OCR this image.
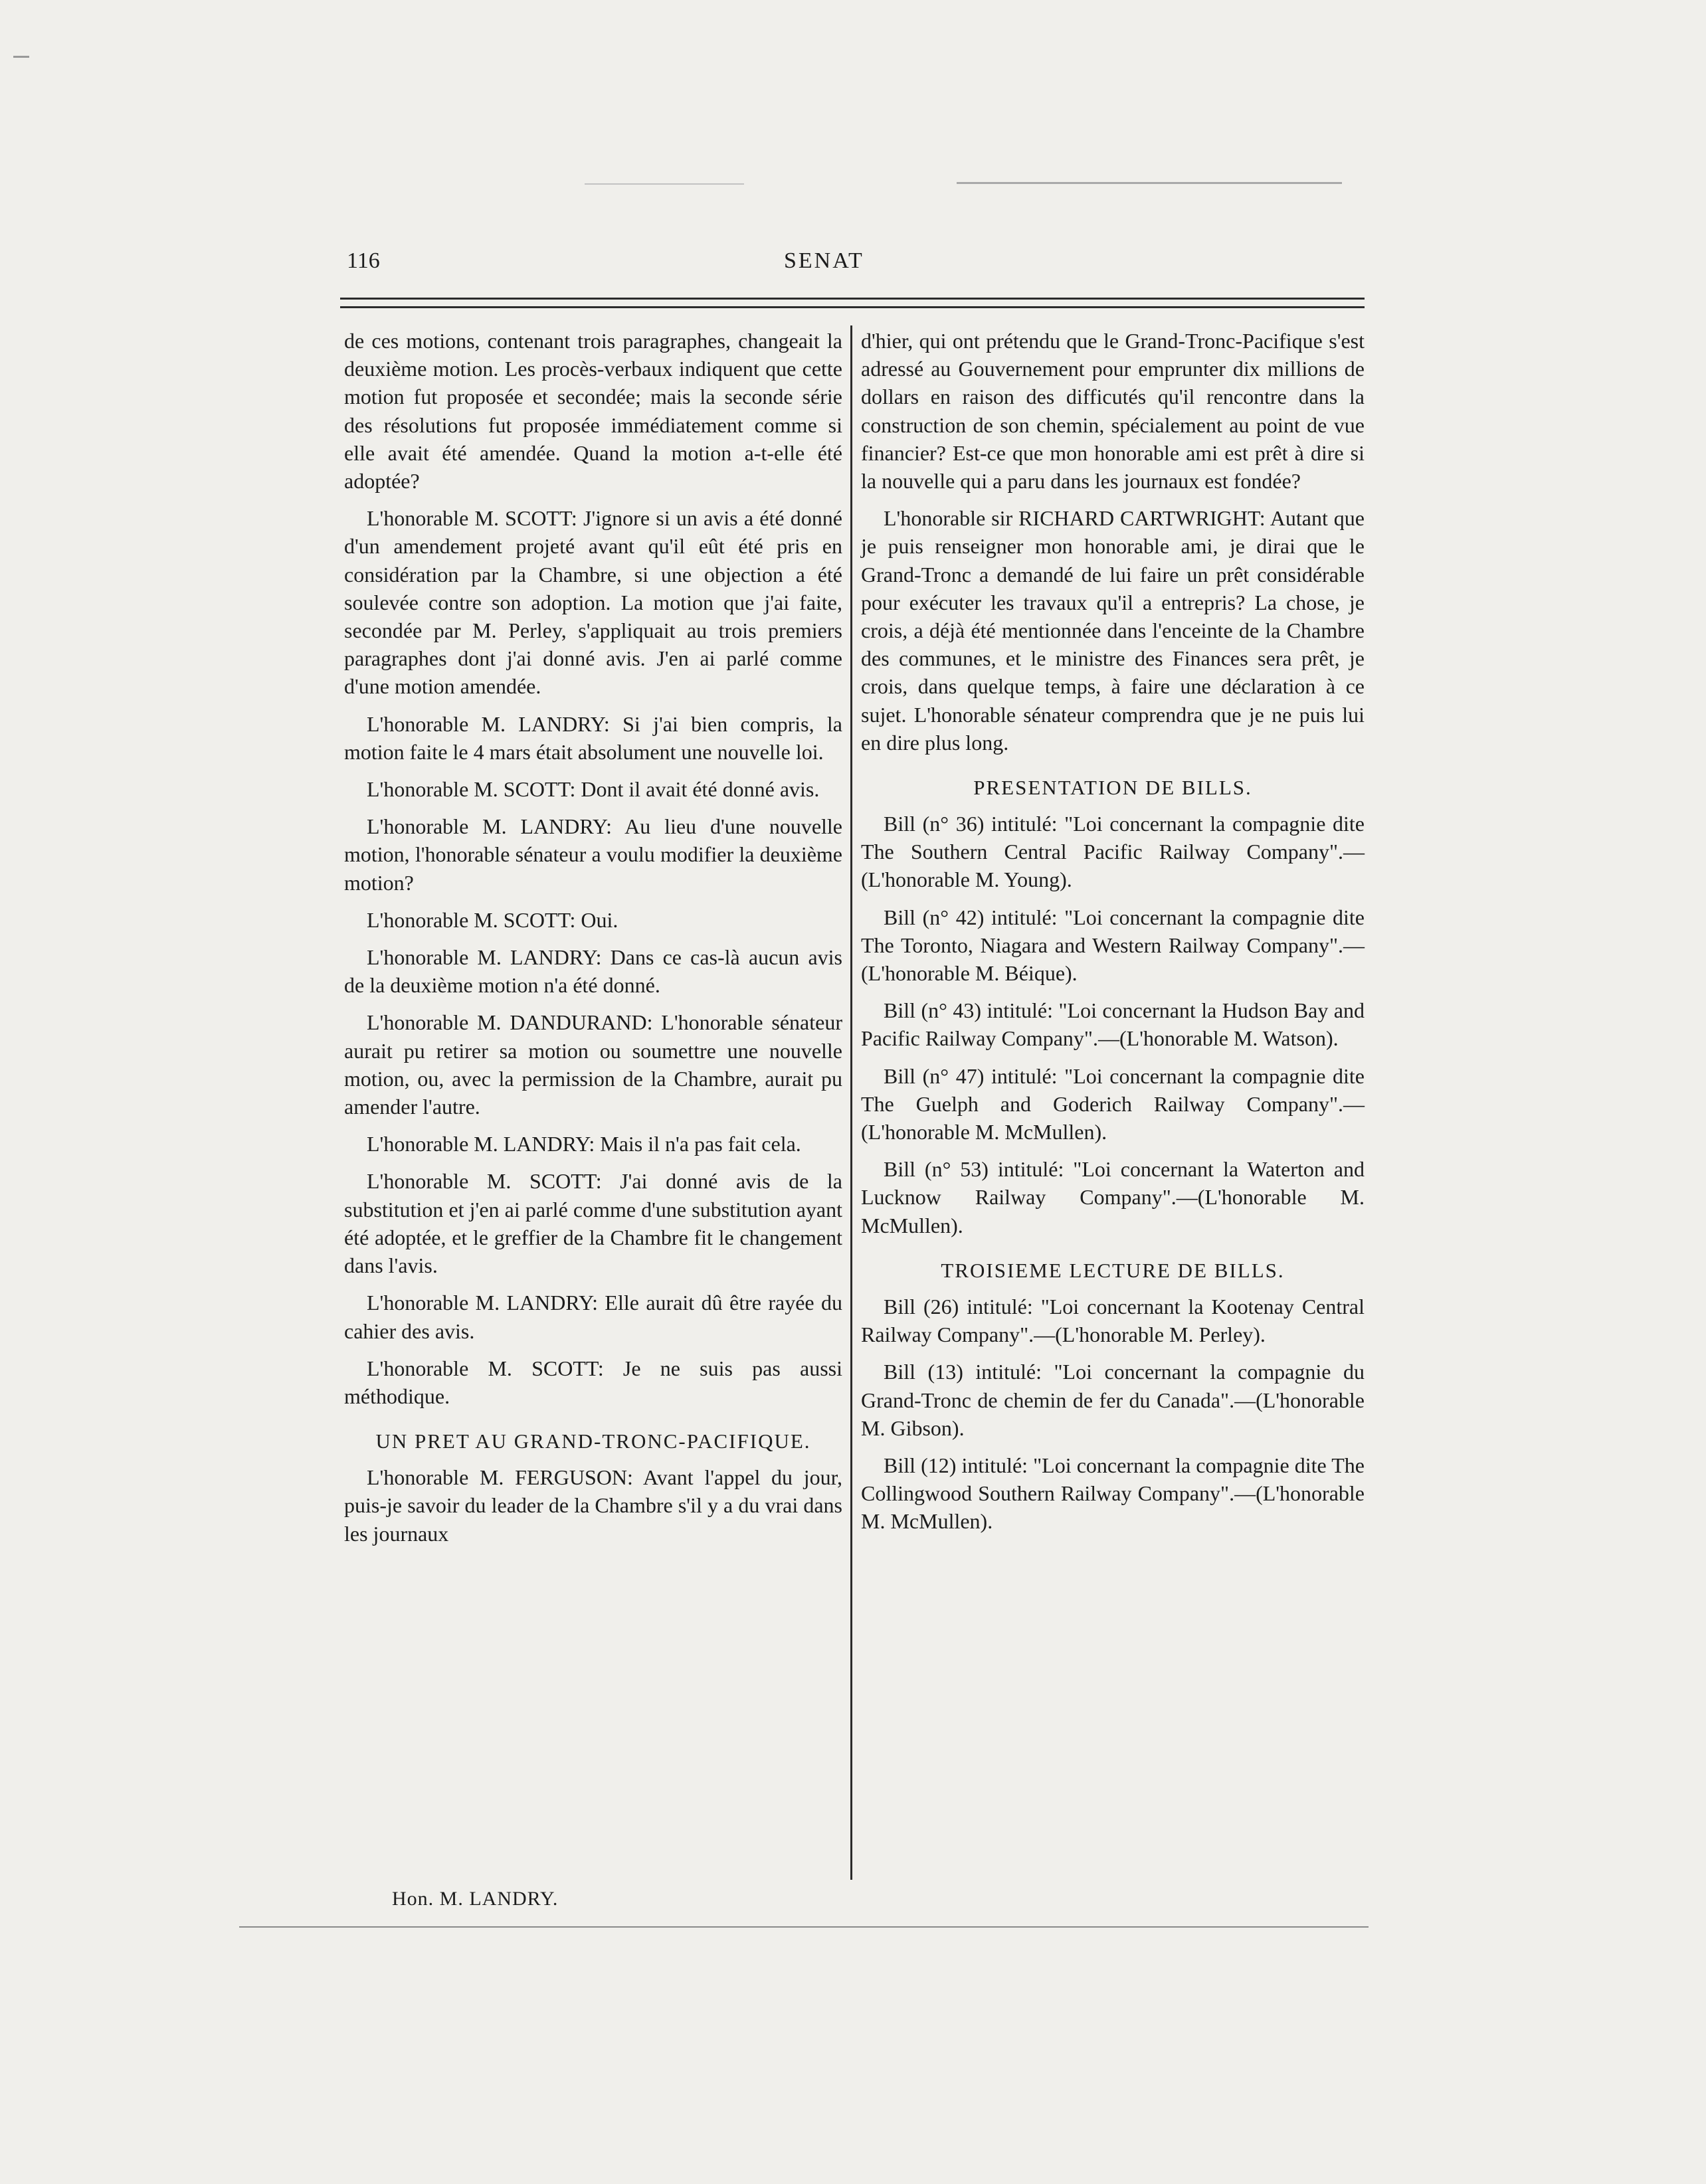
116	SENAT

de ces motions, contenant trois paragraphes, changeait la deuxième motion. Les procès-verbaux indiquent que cette motion fut proposée et secondée; mais la seconde série des résolutions fut proposée immédiatement comme si elle avait été amendée. Quand la motion a-t-elle été adoptée?

L'honorable M. SCOTT: J'ignore si un avis a été donné d'un amendement projeté avant qu'il eût été pris en considération par la Chambre, si une objection a été soulevée contre son adoption. La motion que j'ai faite, secondée par M. Perley, s'appliquait au trois premiers paragraphes dont j'ai donné avis. J'en ai parlé comme d'une motion amendée.

L'honorable M. LANDRY: Si j'ai bien compris, la motion faite le 4 mars était absolument une nouvelle loi.

L'honorable M. SCOTT: Dont il avait été donné avis.

L'honorable M. LANDRY: Au lieu d'une nouvelle motion, l'honorable sénateur a voulu modifier la deuxième motion?

L'honorable M. SCOTT: Oui.

L'honorable M. LANDRY: Dans ce cas-là aucun avis de la deuxième motion n'a été donné.

L'honorable M. DANDURAND: L'honorable sénateur aurait pu retirer sa motion ou soumettre une nouvelle motion, ou, avec la permission de la Chambre, aurait pu amender l'autre.

L'honorable M. LANDRY: Mais il n'a pas fait cela.

L'honorable M. SCOTT: J'ai donné avis de la substitution et j'en ai parlé comme d'une substitution ayant été adoptée, et le greffier de la Chambre fit le changement dans l'avis.

L'honorable M. LANDRY: Elle aurait dû être rayée du cahier des avis.

L'honorable M. SCOTT: Je ne suis pas aussi méthodique.

UN PRET AU GRAND-TRONC-PACIFIQUE.

L'honorable M. FERGUSON: Avant l'appel du jour, puis-je savoir du leader de la Chambre s'il y a du vrai dans les journaux

d'hier, qui ont prétendu que le Grand-Tronc-Pacifique s'est adressé au Gouvernement pour emprunter dix millions de dollars en raison des difficutés qu'il rencontre dans la construction de son chemin, spécialement au point de vue financier? Est-ce que mon honorable ami est prêt à dire si la nouvelle qui a paru dans les journaux est fondée?

L'honorable sir RICHARD CARTWRIGHT: Autant que je puis renseigner mon honorable ami, je dirai que le Grand-Tronc a demandé de lui faire un prêt considérable pour exécuter les travaux qu'il a entrepris? La chose, je crois, a déjà été mentionnée dans l'enceinte de la Chambre des communes, et le ministre des Finances sera prêt, je crois, dans quelque temps, à faire une déclaration à ce sujet. L'honorable sénateur comprendra que je ne puis lui en dire plus long.

PRESENTATION DE BILLS.

Bill (n° 36) intitulé: "Loi concernant la compagnie dite The Southern Central Pacific Railway Company".—(L'honorable M. Young).

Bill (n° 42) intitulé: "Loi concernant la compagnie dite The Toronto, Niagara and Western Railway Company".—(L'honorable M. Béique).

Bill (n° 43) intitulé: "Loi concernant la Hudson Bay and Pacific Railway Company".—(L'honorable M. Watson).

Bill (n° 47) intitulé: "Loi concernant la compagnie dite The Guelph and Goderich Railway Company".—(L'honorable M. McMullen).

Bill (n° 53) intitulé: "Loi concernant la Waterton and Lucknow Railway Company".—(L'honorable M. McMullen).

TROISIEME LECTURE DE BILLS.

Bill (26) intitulé: "Loi concernant la Kootenay Central Railway Company".—(L'honorable M. Perley).

Bill (13) intitulé: "Loi concernant la compagnie du Grand-Tronc de chemin de fer du Canada".—(L'honorable M. Gibson).

Bill (12) intitulé: "Loi concernant la compagnie dite The Collingwood Southern Railway Company".—(L'honorable M. McMullen).

Hon. M. LANDRY.
